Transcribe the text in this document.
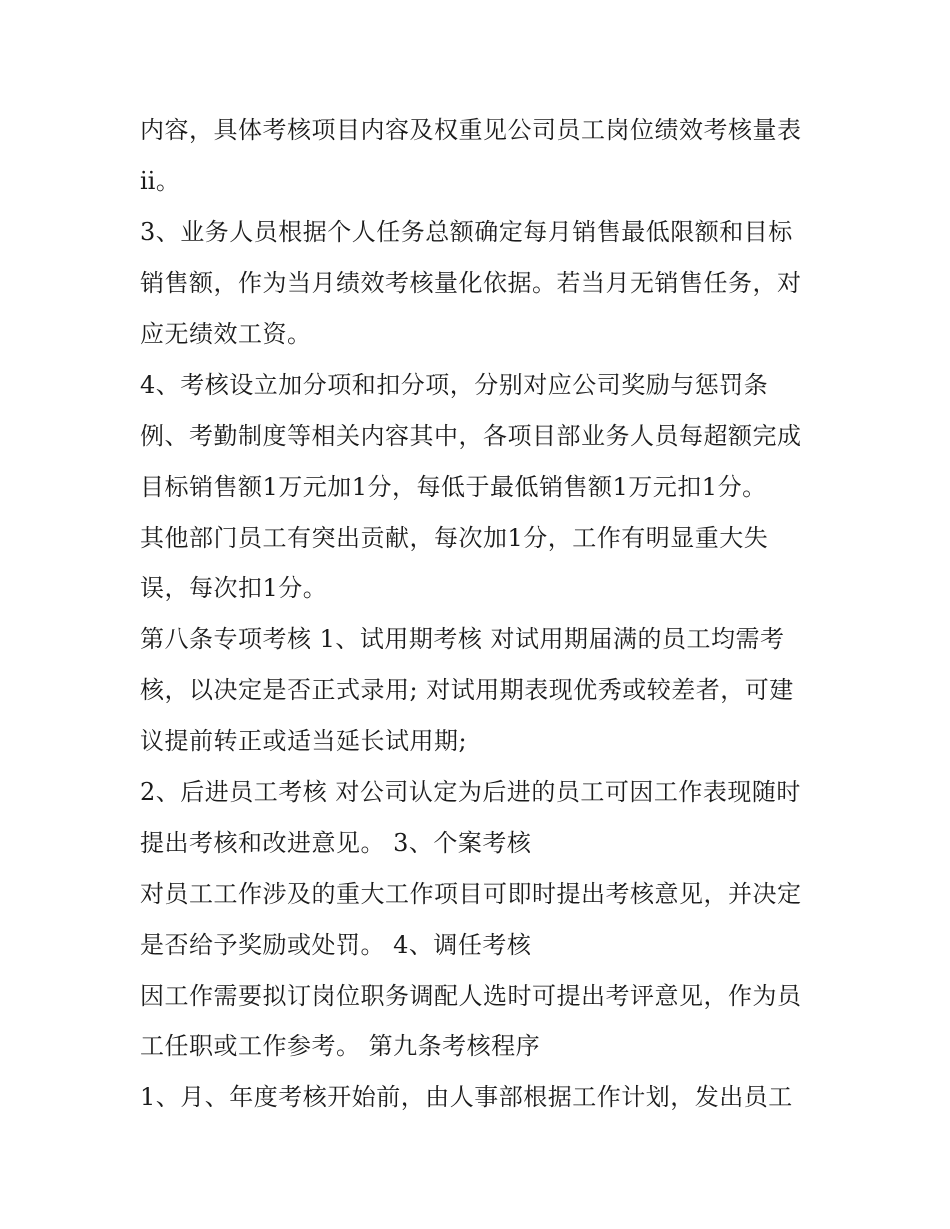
内容，具体考核项目内容及权重见公司员工岗位绩效考核量表
ⅱ。
3、业务人员根据个人任务总额确定每月销售最低限额和目标
销售额，作为当月绩效考核量化依据。若当月无销售任务，对
应无绩效工资。
4、考核设立加分项和扣分项，分别对应公司奖励与惩罚条
例、考勤制度等相关内容其中，各项目部业务人员每超额完成
目标销售额1万元加1分，每低于最低销售额1万元扣1分。
其他部门员工有突出贡献，每次加1分，工作有明显重大失
误，每次扣1分。
第八条专项考核 1、试用期考核 对试用期届满的员工均需考
核，以决定是否正式录用; 对试用期表现优秀或较差者，可建
议提前转正或适当延长试用期;
2、后进员工考核 对公司认定为后进的员工可因工作表现随时
提出考核和改进意见。 3、个案考核
对员工工作涉及的重大工作项目可即时提出考核意见，并决定
是否给予奖励或处罚。 4、调任考核
因工作需要拟订岗位职务调配人选时可提出考评意见，作为员
工任职或工作参考。 第九条考核程序
1、月、年度考核开始前，由人事部根据工作计划，发出员工
